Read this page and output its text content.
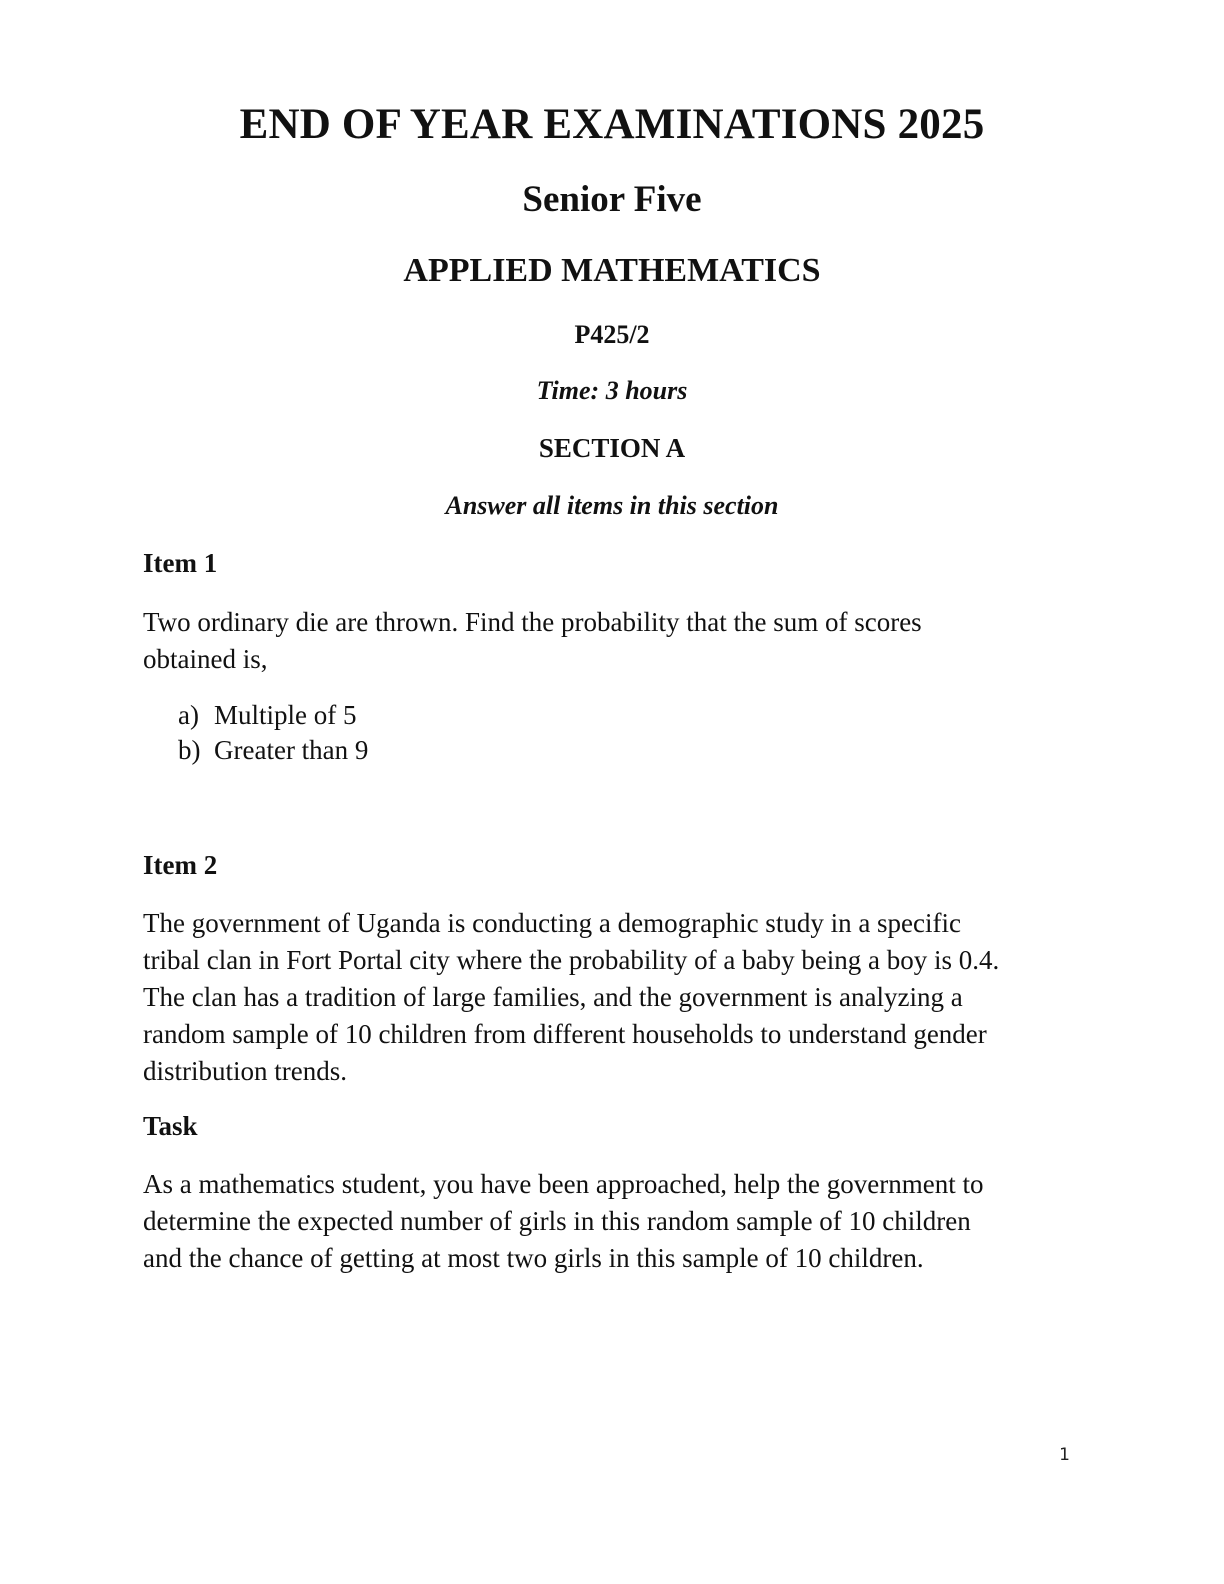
END OF YEAR EXAMINATIONS 2025
Senior Five
APPLIED MATHEMATICS
P425/2
Time: 3 hours
SECTION A
Answer all items in this section
Item 1
Two ordinary die are thrown. Find the probability that the sum of scores
obtained is,
a) Multiple of 5
b) Greater than 9
Item 2
The government of Uganda is conducting a demographic study in a specific
tribal clan in Fort Portal city where the probability of a baby being a boy is 0.4.
The clan has a tradition of large families, and the government is analyzing a
random sample of 10 children from different households to understand gender
distribution trends.
Task
As a mathematics student, you have been approached, help the government to
determine the expected number of girls in this random sample of 10 children
and the chance of getting at most two girls in this sample of 10 children.
1
